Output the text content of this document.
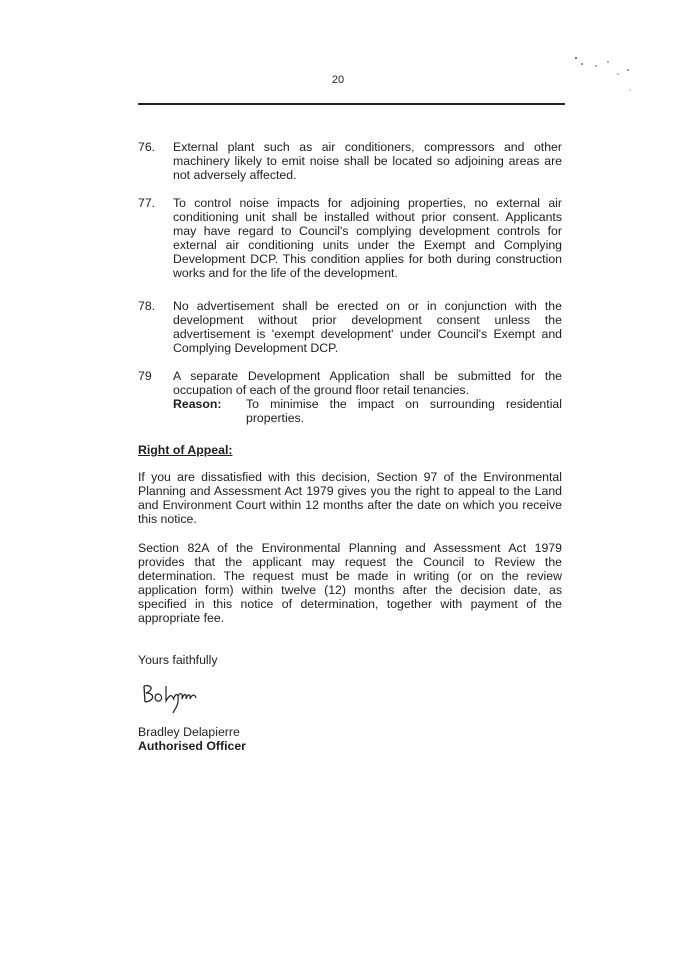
20
76. External plant such as air conditioners, compressors and other machinery likely to emit noise shall be located so adjoining areas are not adversely affected.
77. To control noise impacts for adjoining properties, no external air conditioning unit shall be installed without prior consent. Applicants may have regard to Council's complying development controls for external air conditioning units under the Exempt and Complying Development DCP. This condition applies for both during construction works and for the life of the development.
78. No advertisement shall be erected on or in conjunction with the development without prior development consent unless the advertisement is 'exempt development' under Council's Exempt and Complying Development DCP.
79 A separate Development Application shall be submitted for the occupation of each of the ground floor retail tenancies.
Reason: To minimise the impact on surrounding residential properties.
Right of Appeal:
If you are dissatisfied with this decision, Section 97 of the Environmental Planning and Assessment Act 1979 gives you the right to appeal to the Land and Environment Court within 12 months after the date on which you receive this notice.
Section 82A of the Environmental Planning and Assessment Act 1979 provides that the applicant may request the Council to Review the determination. The request must be made in writing (or on the review application form) within twelve (12) months after the decision date, as specified in this notice of determination, together with payment of the appropriate fee.
Yours faithfully
Bradley Delapierre
Authorised Officer
